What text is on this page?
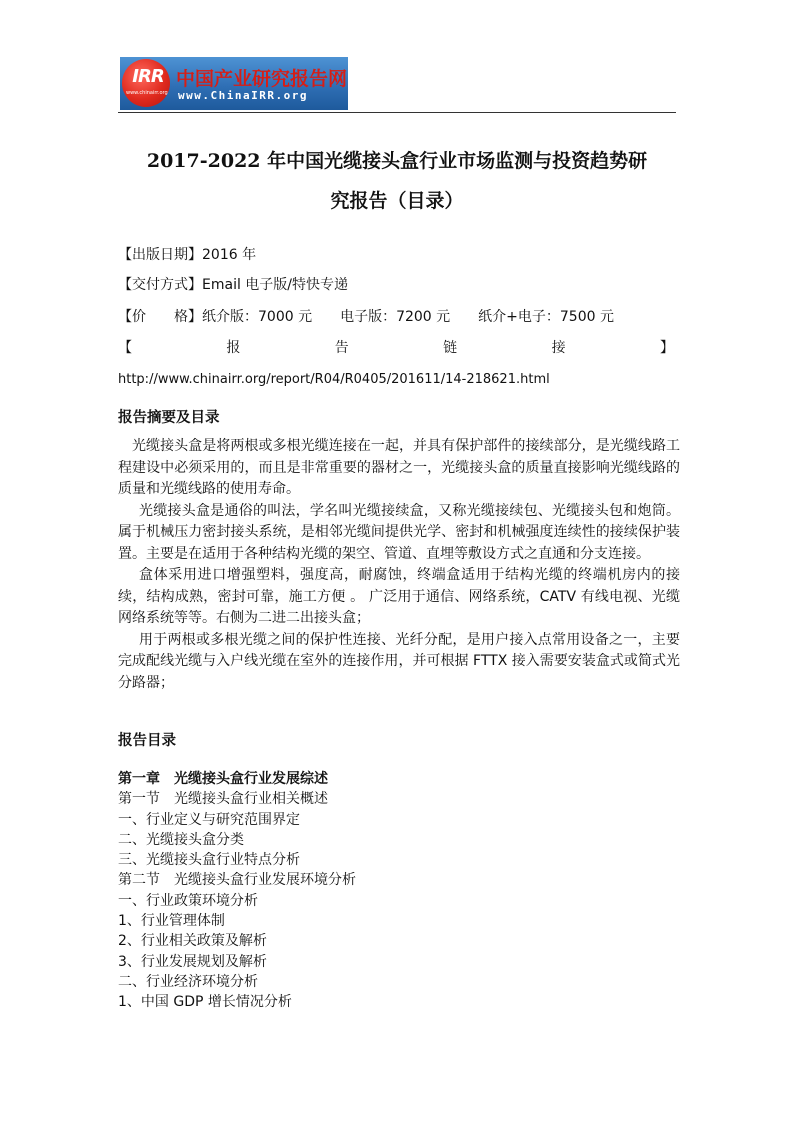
IRR
www.chinairr.org
中国产业研究报告网
www.ChinaIRR.org
2017-2022 年中国光缆接头盒行业市场监测与投资趋势研
究报告（目录）
【出版日期】2016 年
【交付方式】Email 电子版/特快专递
【价　　格】纸介版：7000 元　　电子版：7200 元　　纸介+电子：7500 元
【	报	告	链	接	】
http://www.chinairr.org/report/R04/R0405/201611/14-218621.html
报告摘要及目录

光缆接头盒是将两根或多根光缆连接在一起，并具有保护部件的接续部分，是光缆线路工程建设中必须采用的，而且是非常重要的器材之一，光缆接头盒的质量直接影响光缆线路的质量和光缆线路的使用寿命。

光缆接头盒是通俗的叫法，学名叫光缆接续盒，又称光缆接续包、光缆接头包和炮筒。属于机械压力密封接头系统，是相邻光缆间提供光学、密封和机械强度连续性的接续保护装置。主要是在适用于各种结构光缆的架空、管道、直埋等敷设方式之直通和分支连接。

盒体采用进口增强塑料，强度高，耐腐蚀，终端盒适用于结构光缆的终端机房内的接续，结构成熟，密封可靠，施工方便 。 广泛用于通信、网络系统，CATV 有线电视、光缆网络系统等等。右侧为二进二出接头盒；

用于两根或多根光缆之间的保护性连接、光纤分配，是用户接入点常用设备之一，主要完成配线光缆与入户线光缆在室外的连接作用，并可根据 FTTX 接入需要安装盒式或简式光分路器；

报告目录
第一章　光缆接头盒行业发展综述
第一节　光缆接头盒行业相关概述
一、行业定义与研究范围界定
二、光缆接头盒分类
三、光缆接头盒行业特点分析
第二节　光缆接头盒行业发展环境分析
一、行业政策环境分析
1、行业管理体制
2、行业相关政策及解析
3、行业发展规划及解析
二、行业经济环境分析
1、中国 GDP 增长情况分析
